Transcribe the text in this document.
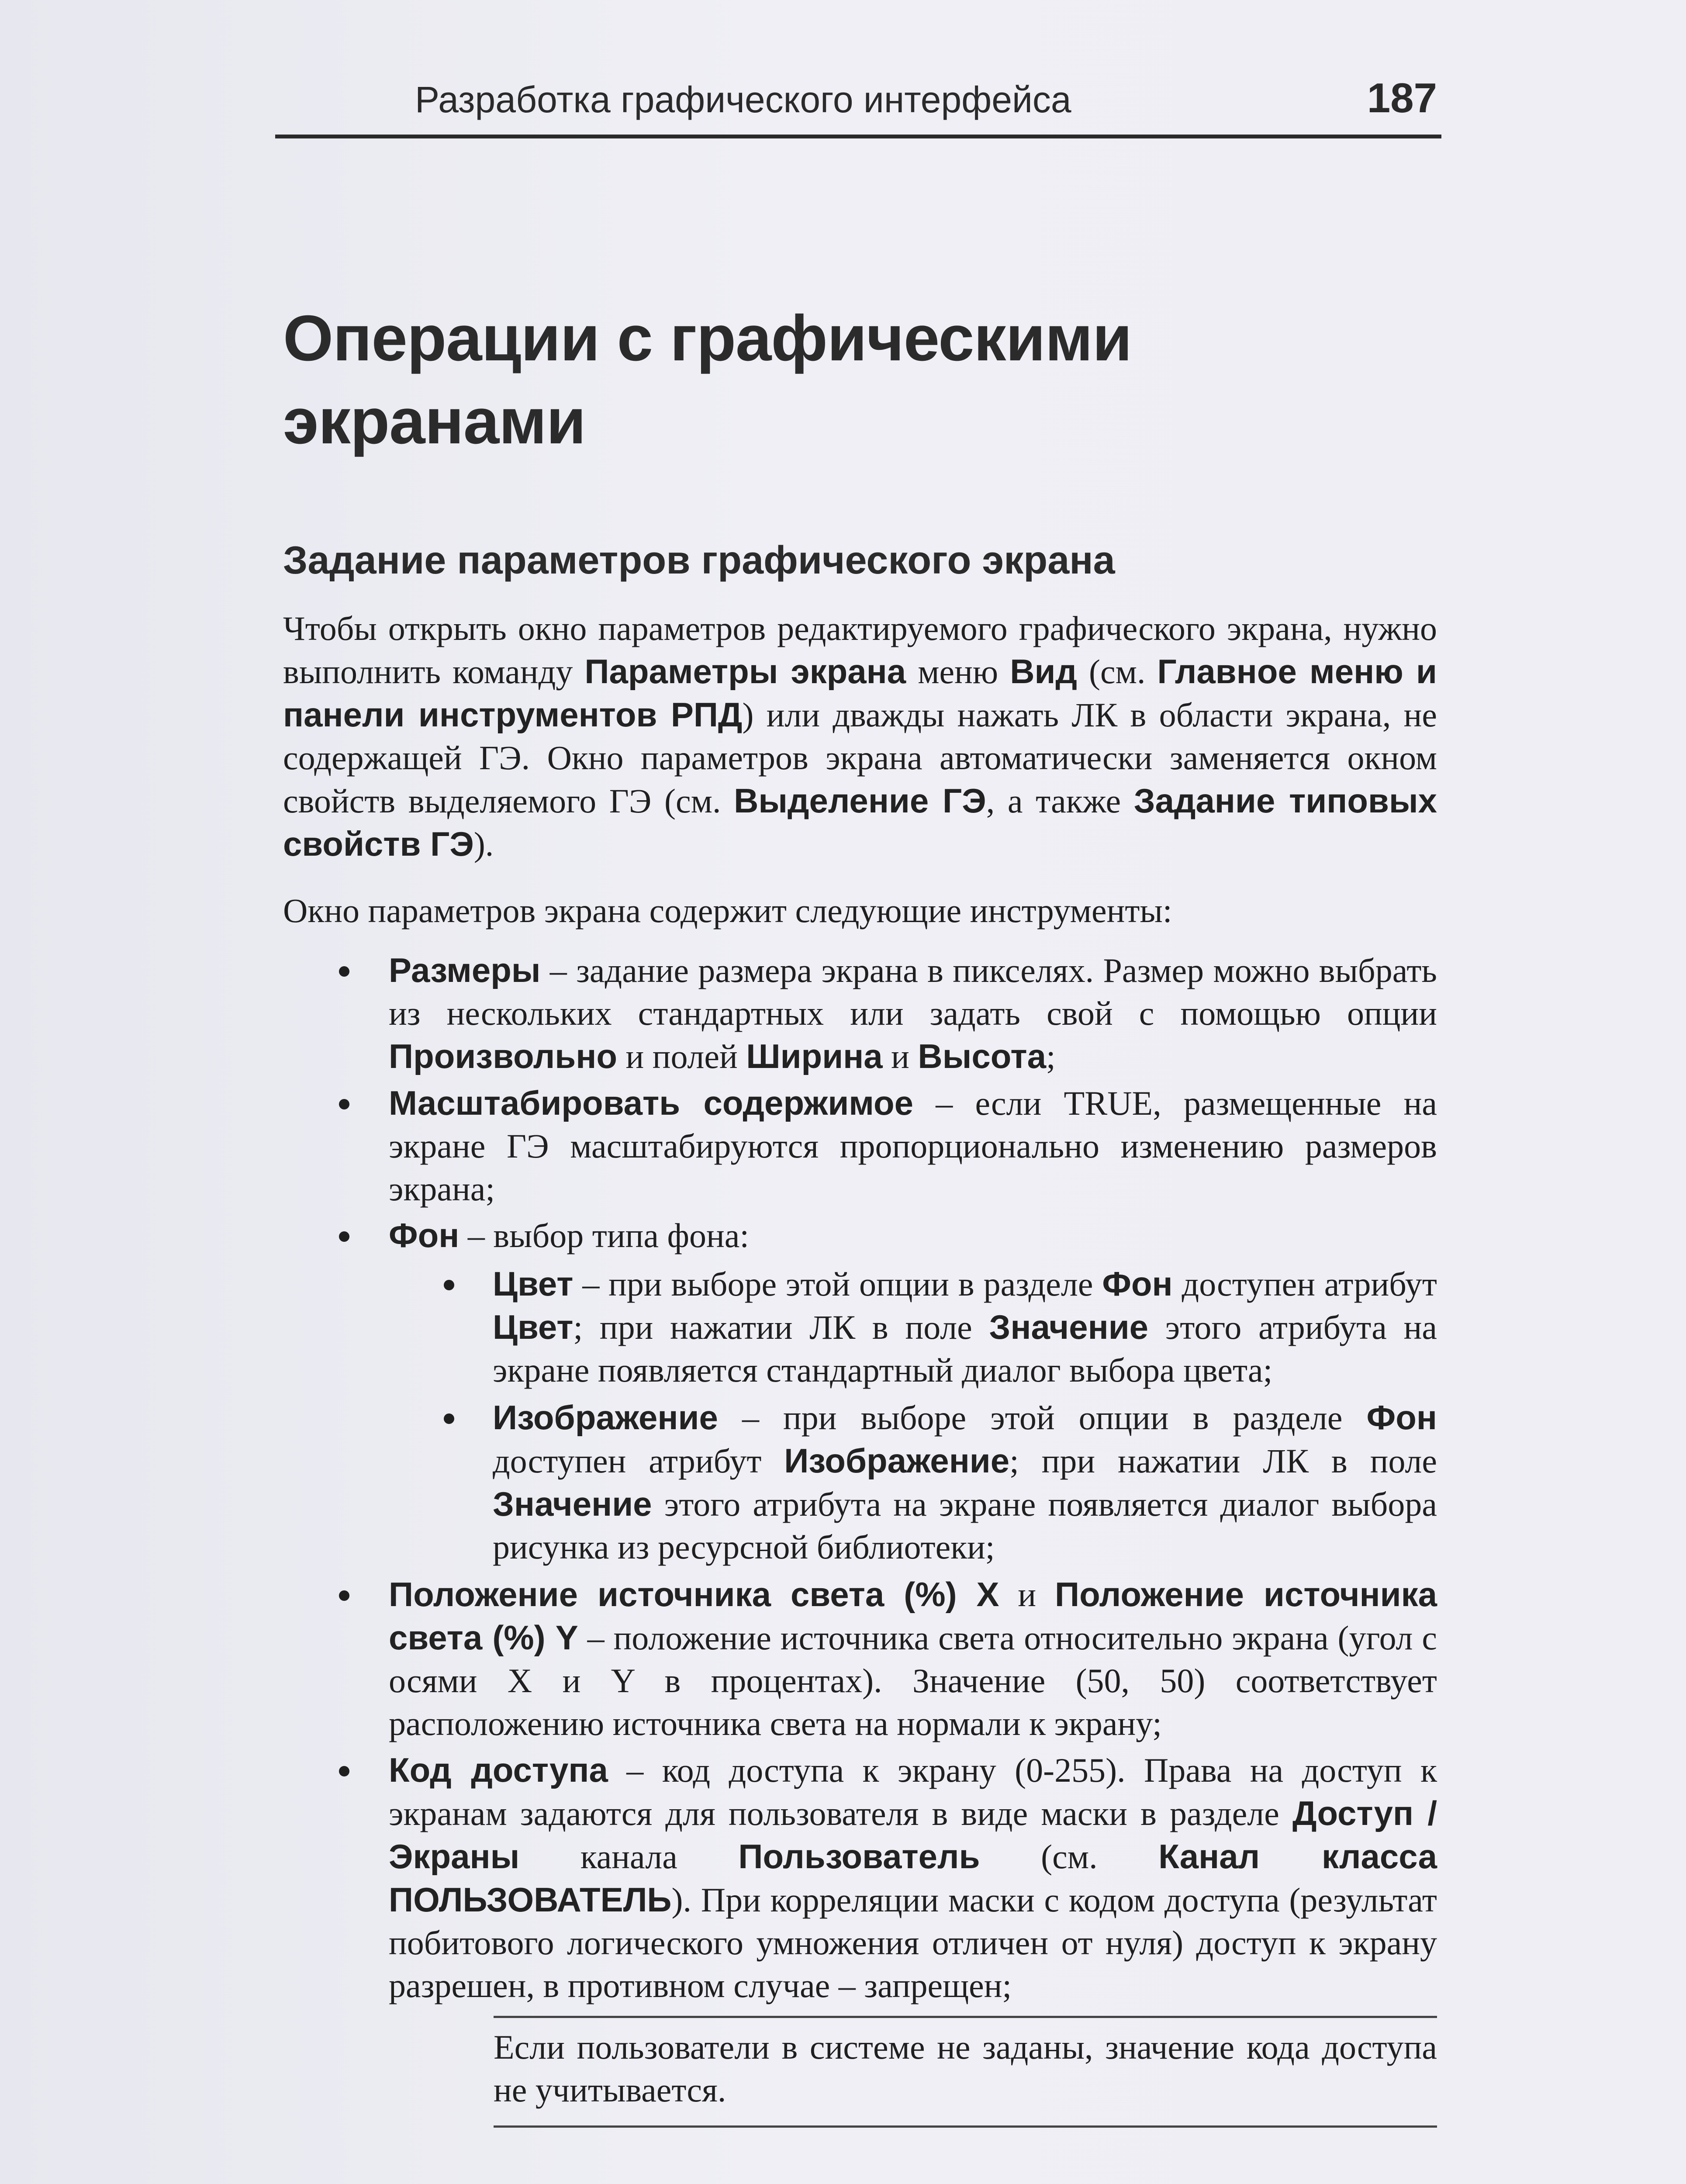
Разработка графического интерфейса	187
Операции с графическими экранами
Задание параметров графического экрана

Чтобы открыть окно параметров редактируемого графического экрана, нужно выполнить команду Параметры экрана меню Вид (см. Главное меню и панели инструментов РПД) или дважды нажать ЛК в области экрана, не содержащей ГЭ. Окно параметров экрана автоматически заменяется окном свойств выделяемого ГЭ (см. Выделение ГЭ, а также Задание типовых свойств ГЭ).

Окно параметров экрана содержит следующие инструменты:

Размеры – задание размера экрана в пикселях. Размер можно выбрать из нескольких стандартных или задать свой с помощью опции Произвольно и полей Ширина и Высота;
Масштабировать содержимое – если TRUE, размещенные на экране ГЭ масштабируются пропорционально изменению размеров экрана;
Фон – выбор типа фона:
Цвет – при выборе этой опции в разделе Фон доступен атрибут Цвет; при нажатии ЛК в поле Значение этого атрибута на экране появляется стандартный диалог выбора цвета;
Изображение – при выборе этой опции в разделе Фон доступен атрибут Изображение; при нажатии ЛК в поле Значение этого атрибута на экране появляется диалог выбора рисунка из ресурсной библиотеки;
Положение источника света (%) X и Положение источника света (%) Y – положение источника света относительно экрана (угол с осями X и Y в процентах). Значение (50, 50) соответствует расположению источника света на нормали к экрану;
Код доступа – код доступа к экрану (0-255). Права на доступ к экранам задаются для пользователя в виде маски в разделе Доступ / Экраны канала Пользователь (см. Канал класса ПОЛЬЗОВАТЕЛЬ). При корреляции маски с кодом доступа (результат побитового логического умножения отличен от нуля) доступ к экрану разрешен, в противном случае – запрещен;
Если пользователи в системе не заданы, значение кода доступа не учитывается.
